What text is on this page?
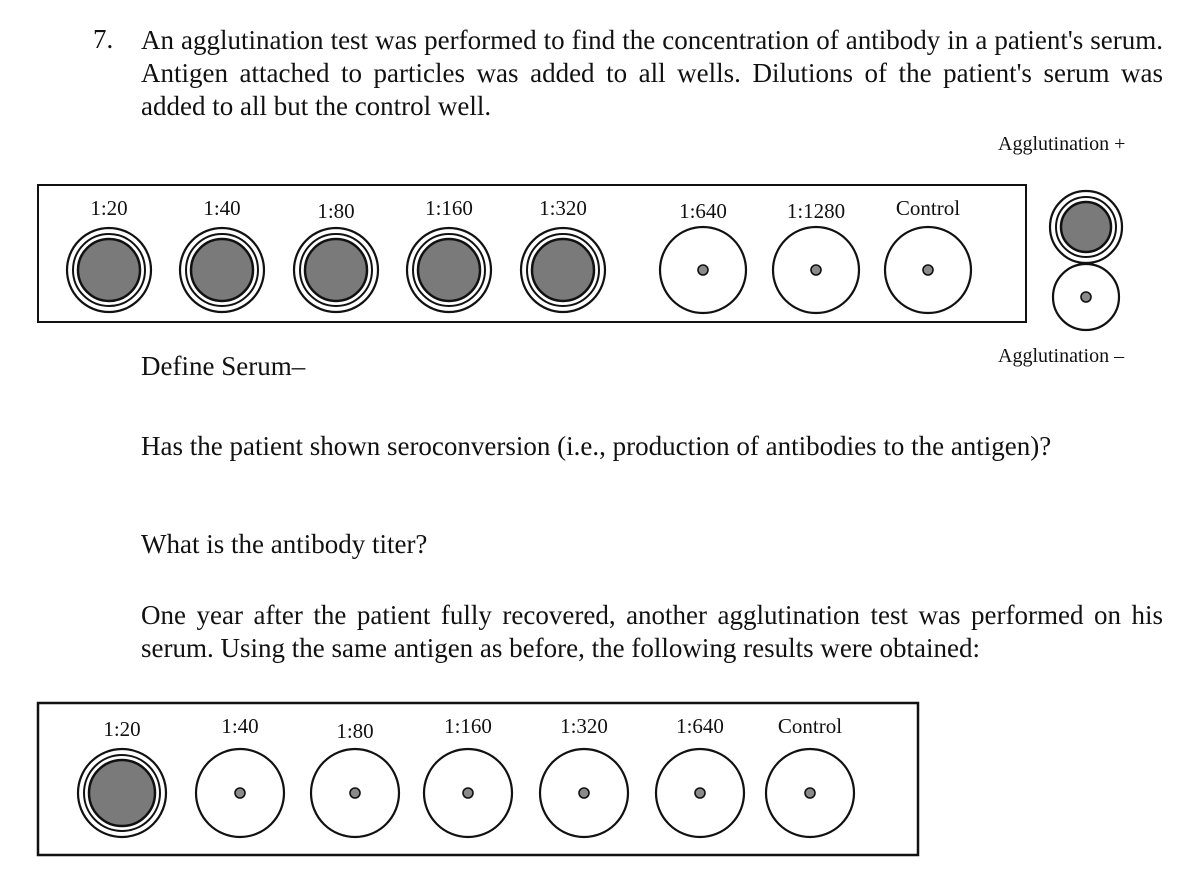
7. An agglutination test was performed to find the concentration of antibody in a patient's serum. Antigen attached to particles was added to all wells. Dilutions of the patient's serum was added to all but the control well.
Agglutination +
Agglutination –
1:20	1:40	1:80	1:160	1:320	1:640	1:1280 Control
1:20	1:40	1:80	1:160	1:320	1:640	Control
Define Serum–
Has the patient shown seroconversion (i.e., production of antibodies to the antigen)?
What is the antibody titer?
One year after the patient fully recovered, another agglutination test was performed on his serum. Using the same antigen as before, the following results were obtained:
